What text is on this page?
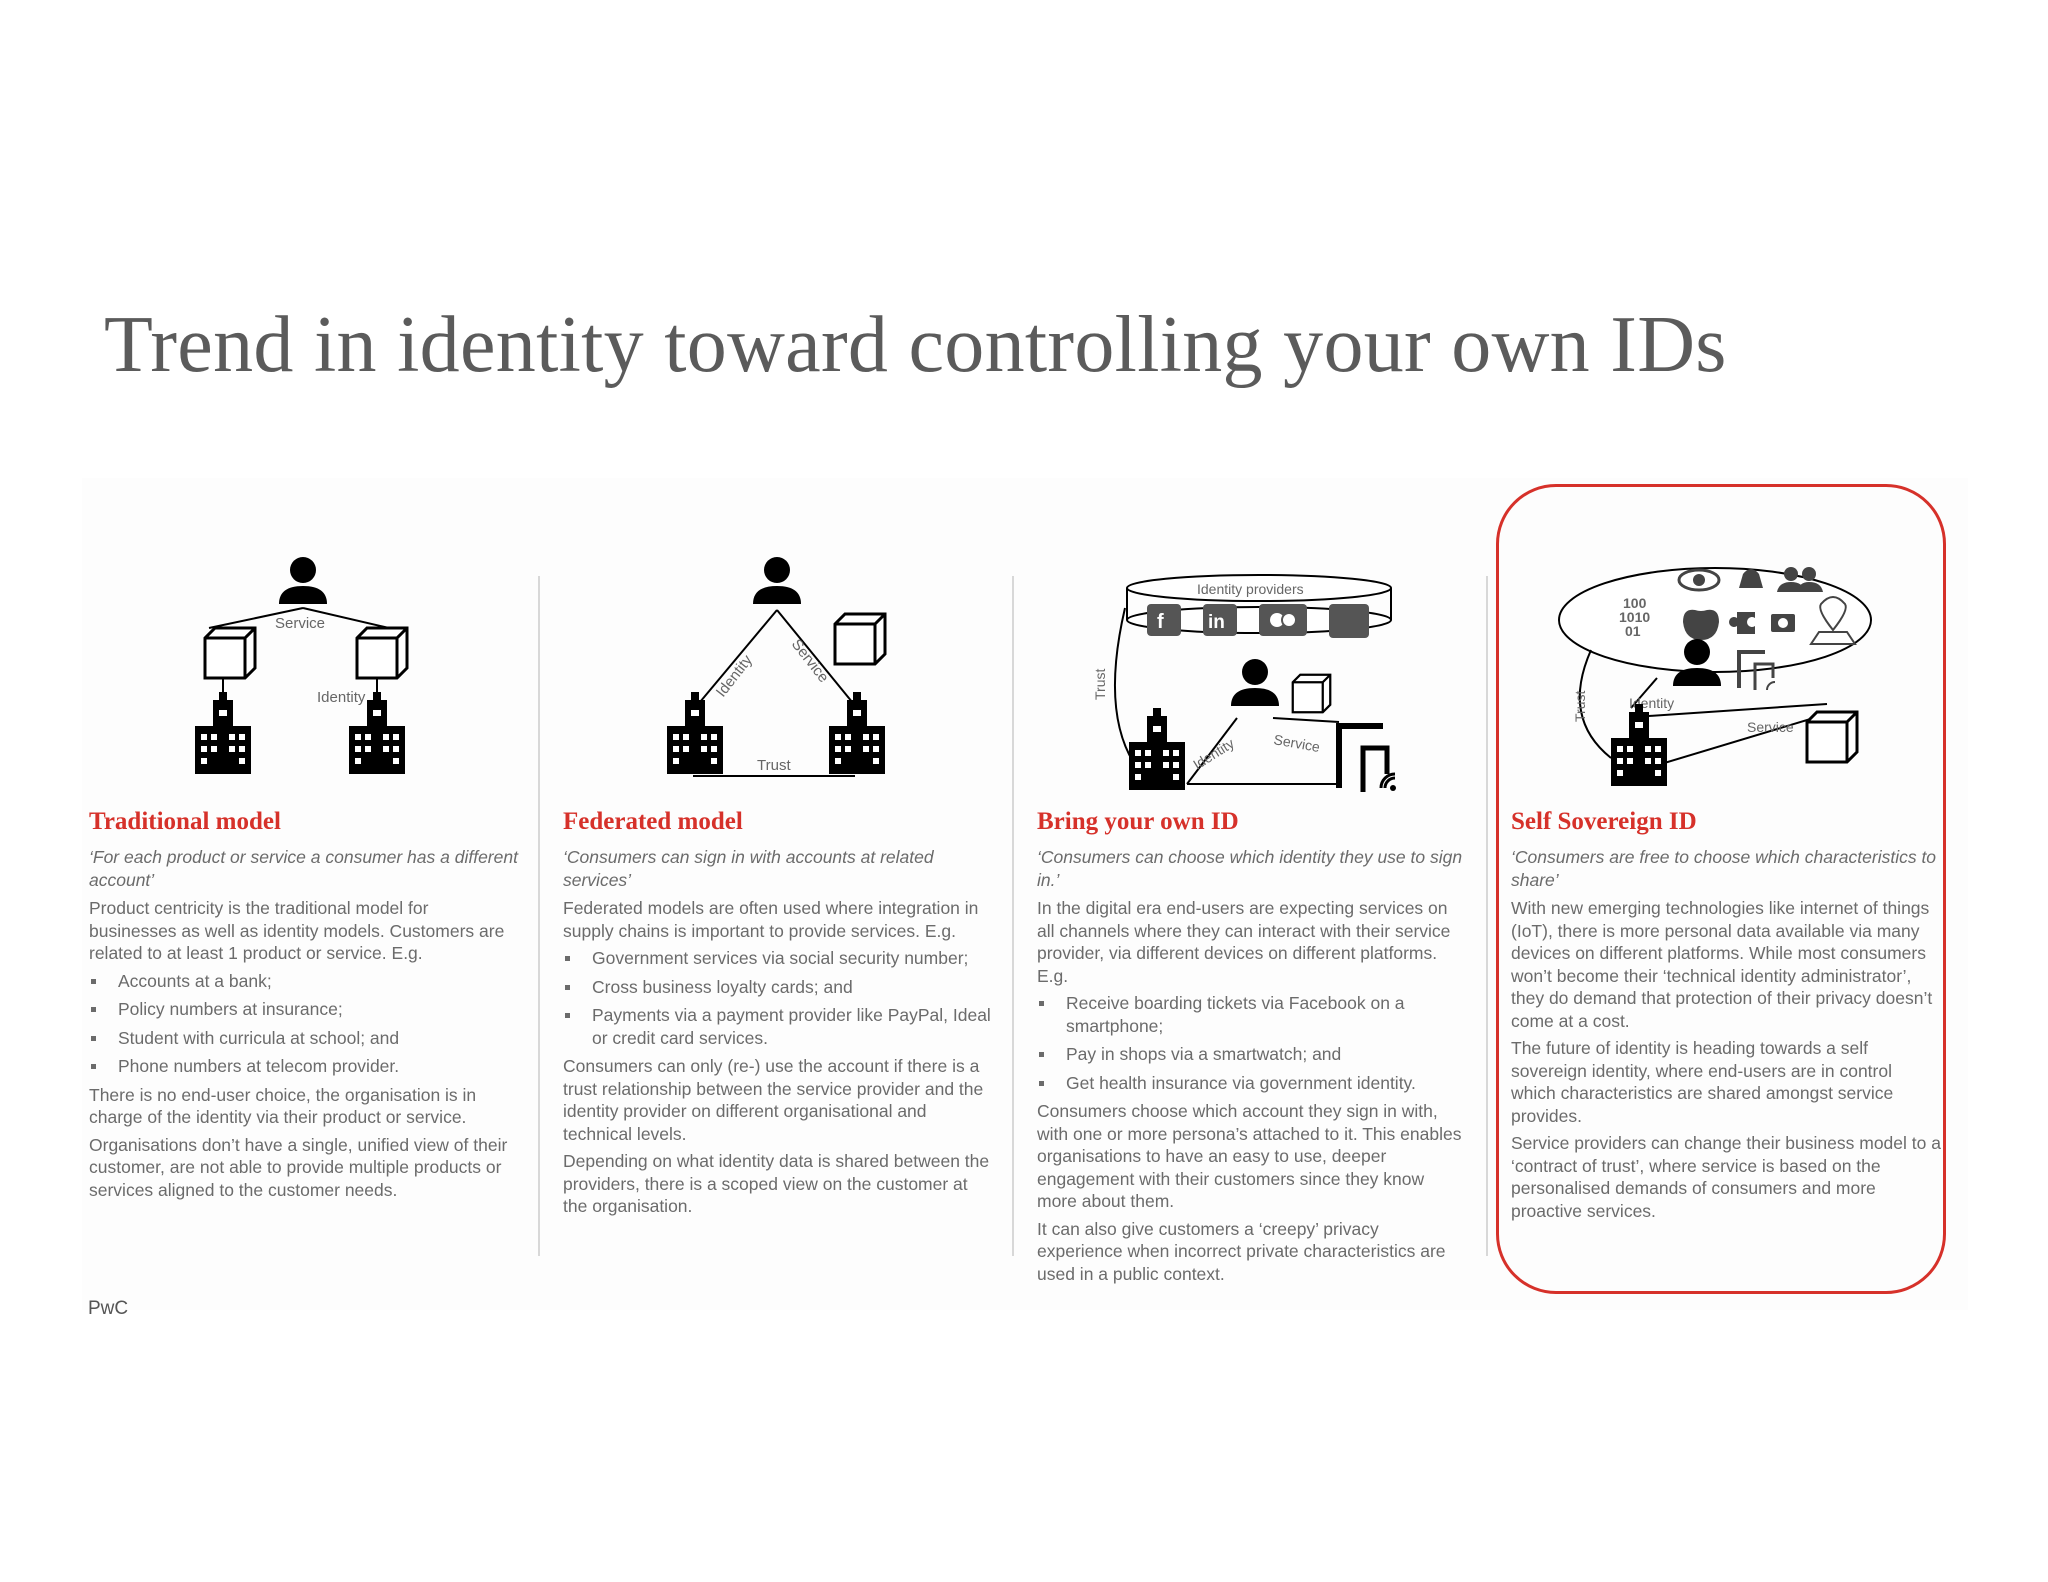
Trend in identity toward controlling your own IDs
Service
Identity
Traditional model
‘For each product or service a consumer has a different account’

Product centricity is the traditional model for businesses as well as identity models. Customers are related to at least 1 product or service. E.g.

Accounts at a bank;
Policy numbers at insurance;
Student with curricula at school; and
Phone numbers at telecom provider.

There is no end-user choice, the organisation is in charge of the identity via their product or service.

Organisations don’t have a single, unified view of their customer, are not able to provide multiple products or services aligned to the customer needs.

Identity Service
Trust
Federated model
‘Consumers can sign in with accounts at related services’

Federated models are often used where integration in supply chains is important to provide services. E.g.

Government services via social security number;
Cross business loyalty cards; and
Payments via a payment provider like PayPal, Ideal or credit card services.

Consumers can only (re-) use the account if there is a trust relationship between the service provider and the identity provider on different organisational and technical levels.

Depending on what identity data is shared between the providers, there is a scoped view on the customer at the organisation.

Identity providers
f in
Trust
Identity	Service
Bring your own ID
‘Consumers can choose which identity they use to sign in.’

In the digital era end-users are expecting services on all channels where they can interact with their service provider, via different devices on different platforms. E.g.

Receive boarding tickets via Facebook on a smartphone;
Pay in shops via a smartwatch; and
Get health insurance via government identity.

Consumers choose which account they sign in with, with one or more persona’s attached to it. This enables organisations to have an easy to use, deeper engagement with their customers since they know more about them.

It can also give customers a ‘creepy’ privacy experience when incorrect private characteristics are used in a public context.

Trust
100
1010
01
Identity
Service
Self Sovereign ID
‘Consumers are free to choose which characteristics to share’

With new emerging technologies like internet of things (IoT), there is more personal data available via many devices on different platforms. While most consumers won’t become their ‘technical identity administrator’, they do demand that protection of their privacy doesn’t come at a cost.

The future of identity is heading towards a self sovereign identity, where end-users are in control which characteristics are shared amongst service provides.

Service providers can change their business model to a ‘contract of trust’, where service is based on the personalised demands of consumers and more proactive services.

PwC
